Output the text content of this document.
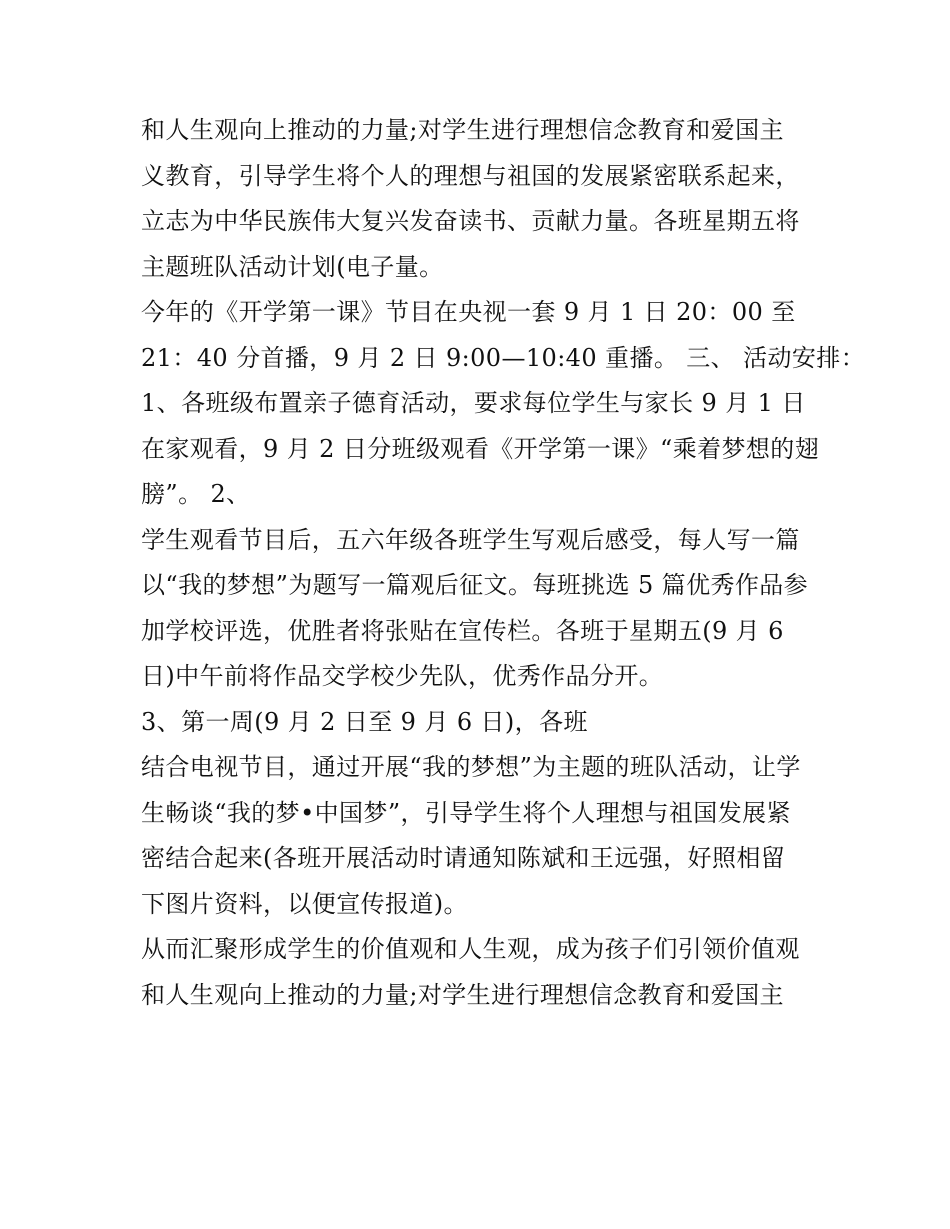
和人生观向上推动的力量;对学生进行理想信念教育和爱国主
义教育，引导学生将个人的理想与祖国的发展紧密联系起来，
立志为中华民族伟大复兴发奋读书、贡献力量。各班星期五将
主题班队活动计划(电子量。
今年的《开学第一课》节目在央视一套 9 月 1 日 20：00 至
21：40 分首播，9 月 2 日 9:00—10:40 重播。 三、 活动安排：
1、各班级布置亲子德育活动，要求每位学生与家长 9 月 1 日
在家观看，9 月 2 日分班级观看《开学第一课》“乘着梦想的翅
膀”。 2、
学生观看节目后，五六年级各班学生写观后感受，每人写一篇
以“我的梦想”为题写一篇观后征文。每班挑选 5 篇优秀作品参
加学校评选，优胜者将张贴在宣传栏。各班于星期五(9 月 6
日)中午前将作品交学校少先队，优秀作品分开。
3、第一周(9 月 2 日至 9 月 6 日)，各班
结合电视节目，通过开展“我的梦想”为主题的班队活动，让学
生畅谈“我的梦•中国梦”，引导学生将个人理想与祖国发展紧
密结合起来(各班开展活动时请通知陈斌和王远强，好照相留
下图片资料，以便宣传报道)。
从而汇聚形成学生的价值观和人生观，成为孩子们引领价值观
和人生观向上推动的力量;对学生进行理想信念教育和爱国主
